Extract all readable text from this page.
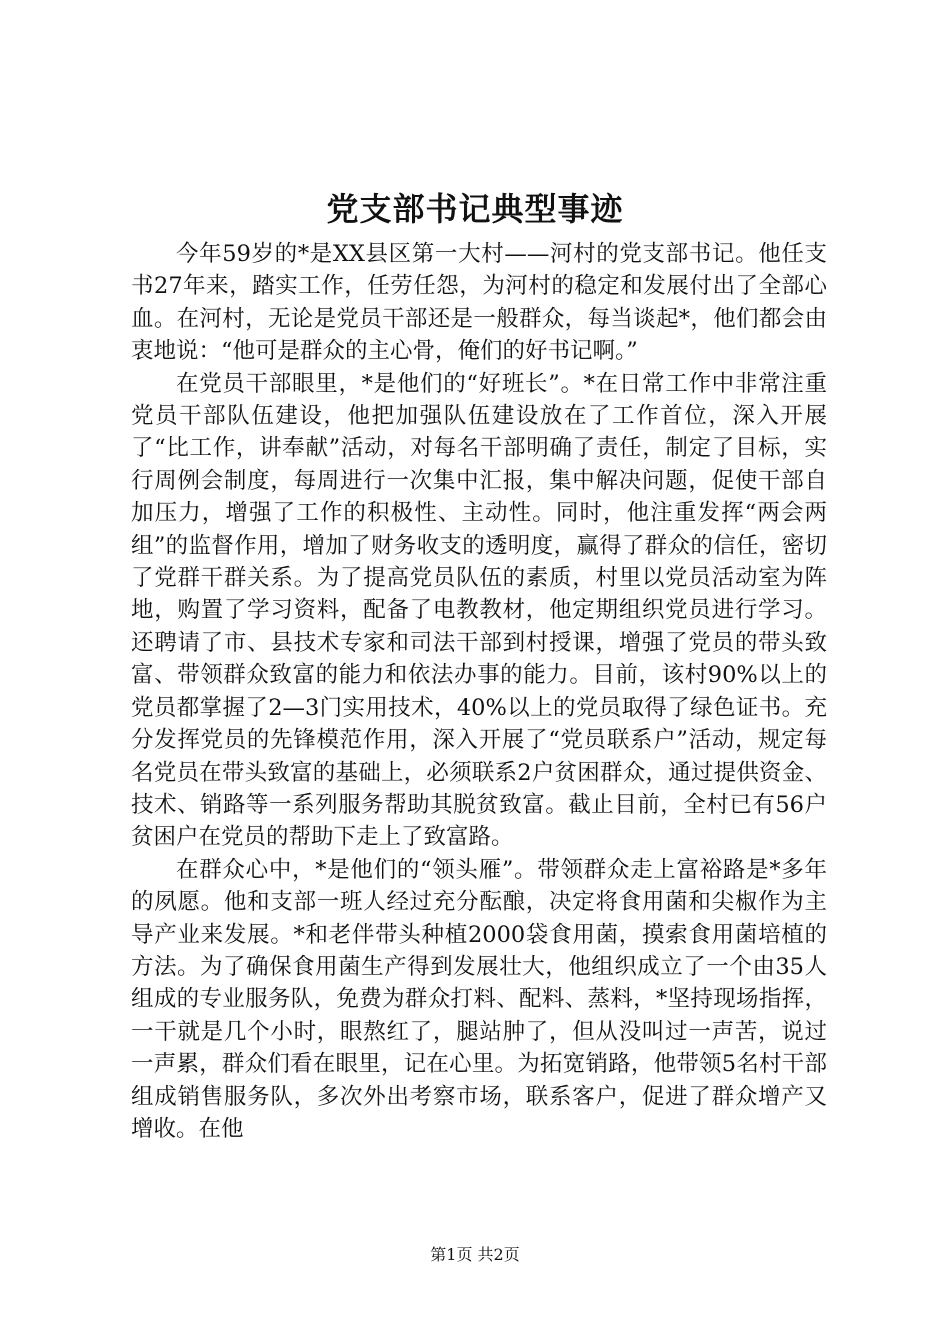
党支部书记典型事迹

今年59岁的*是XX县区第一大村——河村的党支部书记。他任支书27年来，踏实工作，任劳任怨，为河村的稳定和发展付出了全部心血。在河村，无论是党员干部还是一般群众，每当谈起*，他们都会由衷地说：“他可是群众的主心骨，俺们的好书记啊。”

在党员干部眼里，*是他们的“好班长”。*在日常工作中非常注重党员干部队伍建设，他把加强队伍建设放在了工作首位，深入开展了“比工作，讲奉献”活动，对每名干部明确了责任，制定了目标，实行周例会制度，每周进行一次集中汇报，集中解决问题，促使干部自加压力，增强了工作的积极性、主动性。同时，他注重发挥“两会两组”的监督作用，增加了财务收支的透明度，赢得了群众的信任，密切了党群干群关系。为了提高党员队伍的素质，村里以党员活动室为阵地，购置了学习资料，配备了电教教材，他定期组织党员进行学习。还聘请了市、县技术专家和司法干部到村授课，增强了党员的带头致富、带领群众致富的能力和依法办事的能力。目前，该村90%以上的党员都掌握了2—3门实用技术，40%以上的党员取得了绿色证书。充分发挥党员的先锋模范作用，深入开展了“党员联系户”活动，规定每名党员在带头致富的基础上，必须联系2户贫困群众，通过提供资金、技术、销路等一系列服务帮助其脱贫致富。截止目前，全村已有56户贫困户在党员的帮助下走上了致富路。

在群众心中，*是他们的“领头雁”。带领群众走上富裕路是*多年的夙愿。他和支部一班人经过充分酝酿，决定将食用菌和尖椒作为主导产业来发展。*和老伴带头种植2000袋食用菌，摸索食用菌培植的方法。为了确保食用菌生产得到发展壮大，他组织成立了一个由35人组成的专业服务队，免费为群众打料、配料、蒸料，*坚持现场指挥，一干就是几个小时，眼熬红了，腿站肿了，但从没叫过一声苦，说过一声累，群众们看在眼里，记在心里。为拓宽销路，他带领5名村干部组成销售服务队，多次外出考察市场，联系客户，促进了群众增产又增收。在他

第1页 共2页
